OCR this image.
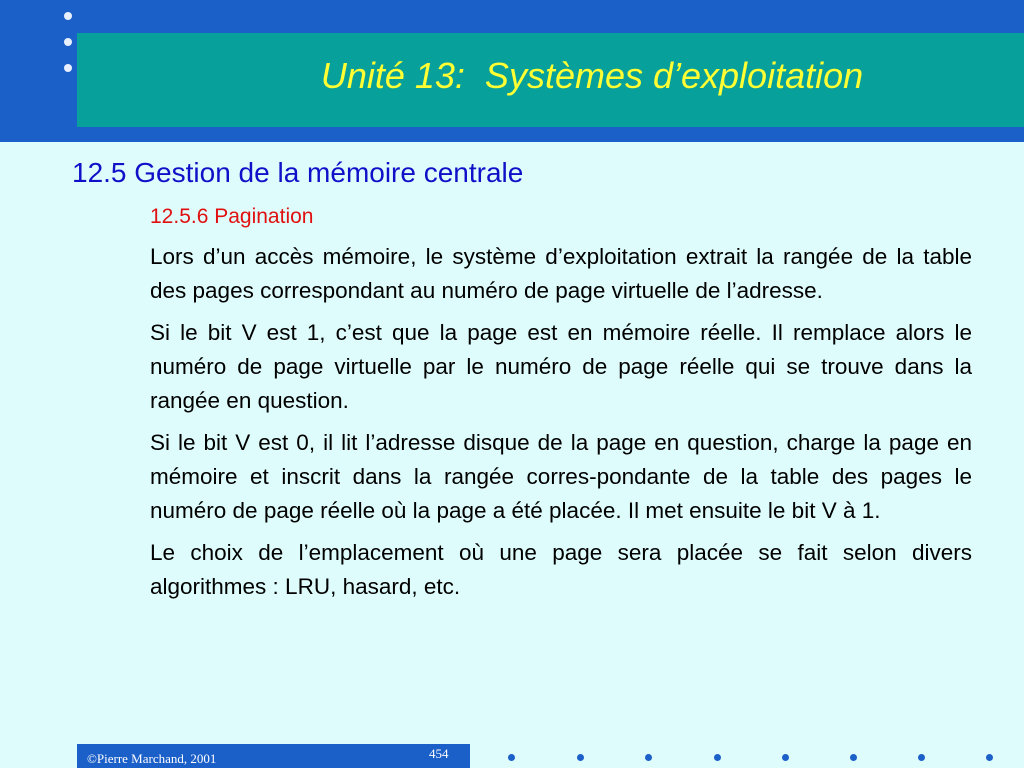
Unité 13:  Systèmes d’exploitation
12.5 Gestion de la mémoire centrale
12.5.6 Pagination

Lors d’un accès mémoire, le système d’exploitation extrait la rangée de la table des pages correspondant au numéro de page virtuelle de l’adresse.

Si le bit V est 1, c’est que la page est en mémoire réelle. Il remplace alors le numéro de page virtuelle par le numéro de page réelle qui se trouve dans la rangée en question.

Si le bit V est 0, il lit l’adresse disque de la page en question, charge la page en mémoire et inscrit dans la rangée corres-pondante de la table des pages le numéro de page réelle où la page a été placée. Il met ensuite le bit V à 1.

Le choix de l’emplacement où une page sera placée se fait selon divers algorithmes : LRU, hasard, etc.

©Pierre Marchand, 2001	454
